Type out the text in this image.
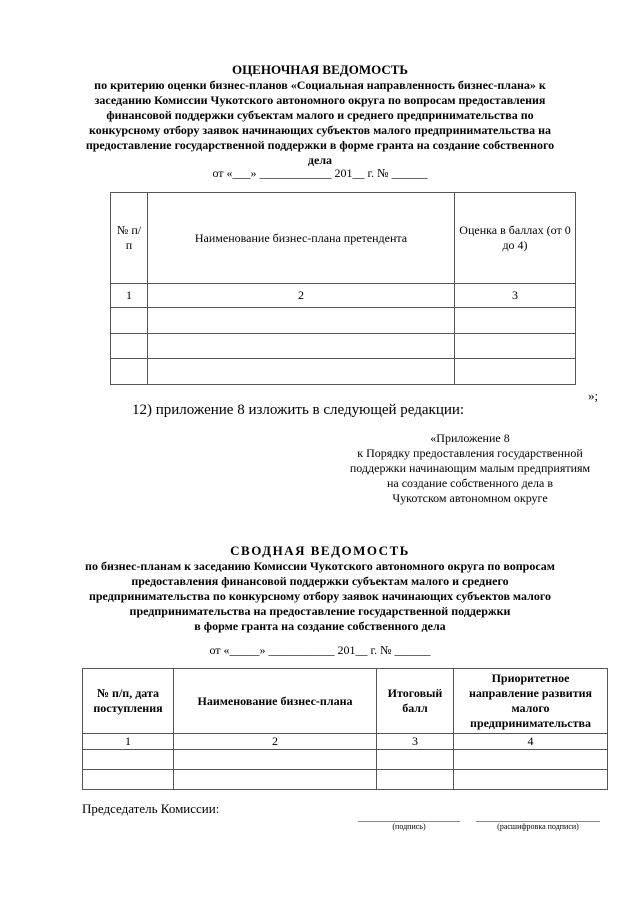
ОЦЕНОЧНАЯ ВЕДОМОСТЬ
по критерию оценки бизнес-планов «Социальная направленность бизнес-плана» к
заседанию Комиссии Чукотского автономного округа по вопросам предоставления
финансовой поддержки субъектам малого и среднего предпринимательства по
конкурсному отбору заявок начинающих субъектов малого предпринимательства на
предоставление государственной поддержки в форме гранта на создание собственного
дела
от «___» ____________ 201__ г. № ______
№ п/п	Наименование бизнес-плана претендента	Оценка в баллах (от 0 до 4)
1	2	3

»;
12) приложение 8 изложить в следующей редакции:
«Приложение 8
к Порядку предоставления государственной
поддержки начинающим малым предприятиям
на создание собственного дела в
Чукотском автономном округе
СВОДНАЯ ВЕДОМОСТЬ
по бизнес-планам к заседанию Комиссии Чукотского автономного округа по вопросам
предоставления финансовой поддержки субъектам малого и среднего
предпринимательства по конкурсному отбору заявок начинающих субъектов малого
предпринимательства на предоставление государственной поддержки
в форме гранта на создание собственного дела
от «_____» ___________ 201__ г. № ______
№ п/п, дата поступления	Наименование бизнес-плана	Итоговый балл	Приоритетное направление развития малого предпринимательства
1	2	3	4

Председатель Комиссии:
(подпись)	(расшифровка подписи)
